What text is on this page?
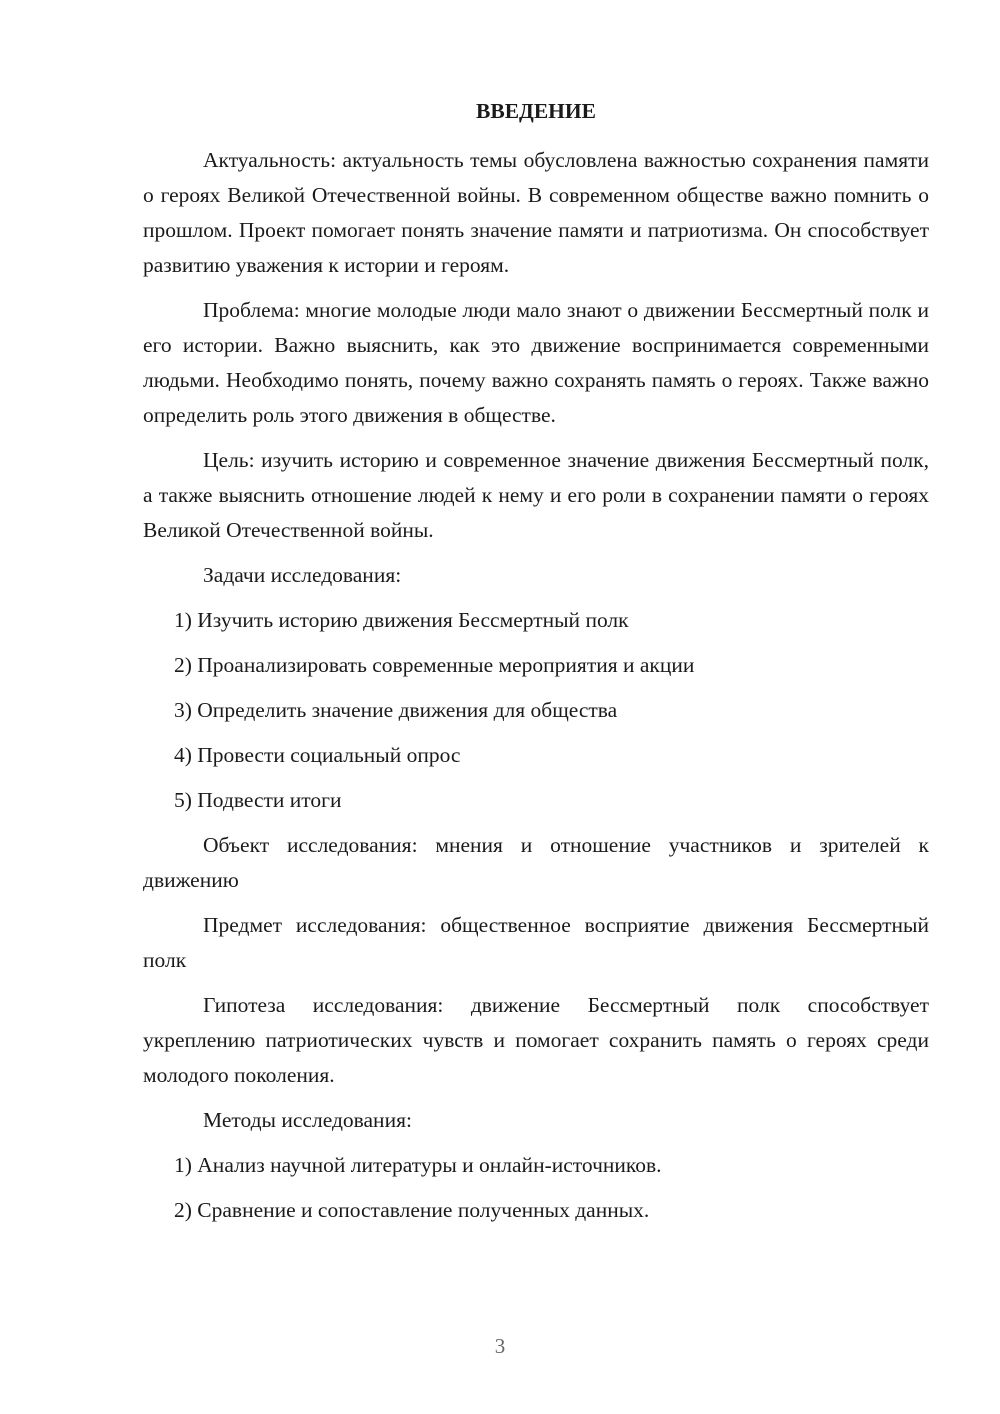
ВВЕДЕНИЕ

Актуальность: актуальность темы обусловлена важностью сохранения памяти о героях Великой Отечественной войны. В современном обществе важно помнить о прошлом. Проект помогает понять значение памяти и патриотизма. Он способствует развитию уважения к истории и героям.

Проблема: многие молодые люди мало знают о движении Бессмертный полк и его истории. Важно выяснить, как это движение воспринимается современными людьми. Необходимо понять, почему важно сохранять память о героях. Также важно определить роль этого движения в обществе.

Цель: изучить историю и современное значение движения Бессмертный полк, а также выяснить отношение людей к нему и его роли в сохранении памяти о героях Великой Отечественной войны.

Задачи исследования:
1) Изучить историю движения Бессмертный полк
2) Проанализировать современные мероприятия и акции
3) Определить значение движения для общества
4) Провести социальный опрос
5) Подвести итоги

Объект исследования: мнения и отношение участников и зрителей к движению

Предмет исследования: общественное восприятие движения Бессмертный полк

Гипотеза исследования: движение Бессмертный полк способствует укреплению патриотических чувств и помогает сохранить память о героях среди молодого поколения.

Методы исследования:
1) Анализ научной литературы и онлайн-источников.
2) Сравнение и сопоставление полученных данных.
3
